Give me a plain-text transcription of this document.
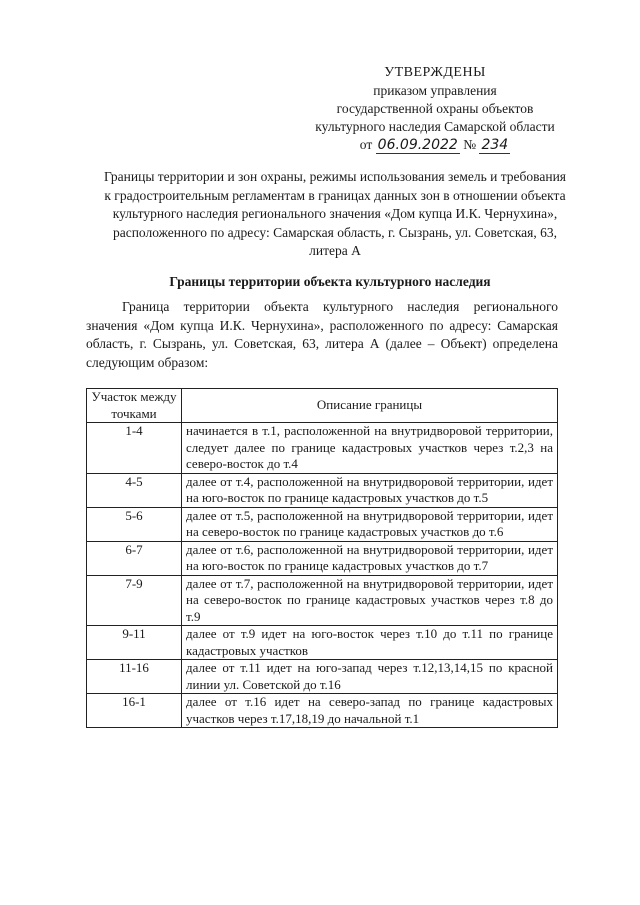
УТВЕРЖДЕНЫ
приказом управления
государственной охраны объектов
культурного наследия Самарской области
от 06.09.2022 № 234
Границы территории и зон охраны, режимы использования земель и требования к градостроительным регламентам в границах данных зон в отношении объекта культурного наследия регионального значения «Дом купца И.К. Чернухина», расположенного по адресу: Самарская область, г. Сызрань, ул. Советская, 63, литера А
Границы территории объекта культурного наследия
Граница территории объекта культурного наследия регионального значения «Дом купца И.К. Чернухина», расположенного по адресу: Самарская область, г. Сызрань, ул. Советская, 63, литера А (далее – Объект) определена следующим образом:
Участок между точками	Описание границы
1-4	начинается в т.1, расположенной на внутридворовой территории, следует далее по границе кадастровых участков через т.2,3 на северо-восток до т.4
4-5	далее от т.4, расположенной на внутридворовой территории, идет на юго-восток по границе кадастровых участков до т.5
5-6	далее от т.5, расположенной на внутридворовой территории, идет на северо-восток по границе кадастровых участков до т.6
6-7	далее от т.6, расположенной на внутридворовой территории, идет на юго-восток по границе кадастровых участков до т.7
7-9	далее от т.7, расположенной на внутридворовой территории, идет на северо-восток по границе кадастровых участков через т.8 до т.9
9-11	далее от т.9 идет на юго-восток через т.10 до т.11 по границе кадастровых участков
11-16	далее от т.11 идет на юго-запад через т.12,13,14,15 по красной линии ул. Советской до т.16
16-1	далее от т.16 идет на северо-запад по границе кадастровых участков через т.17,18,19 до начальной т.1
